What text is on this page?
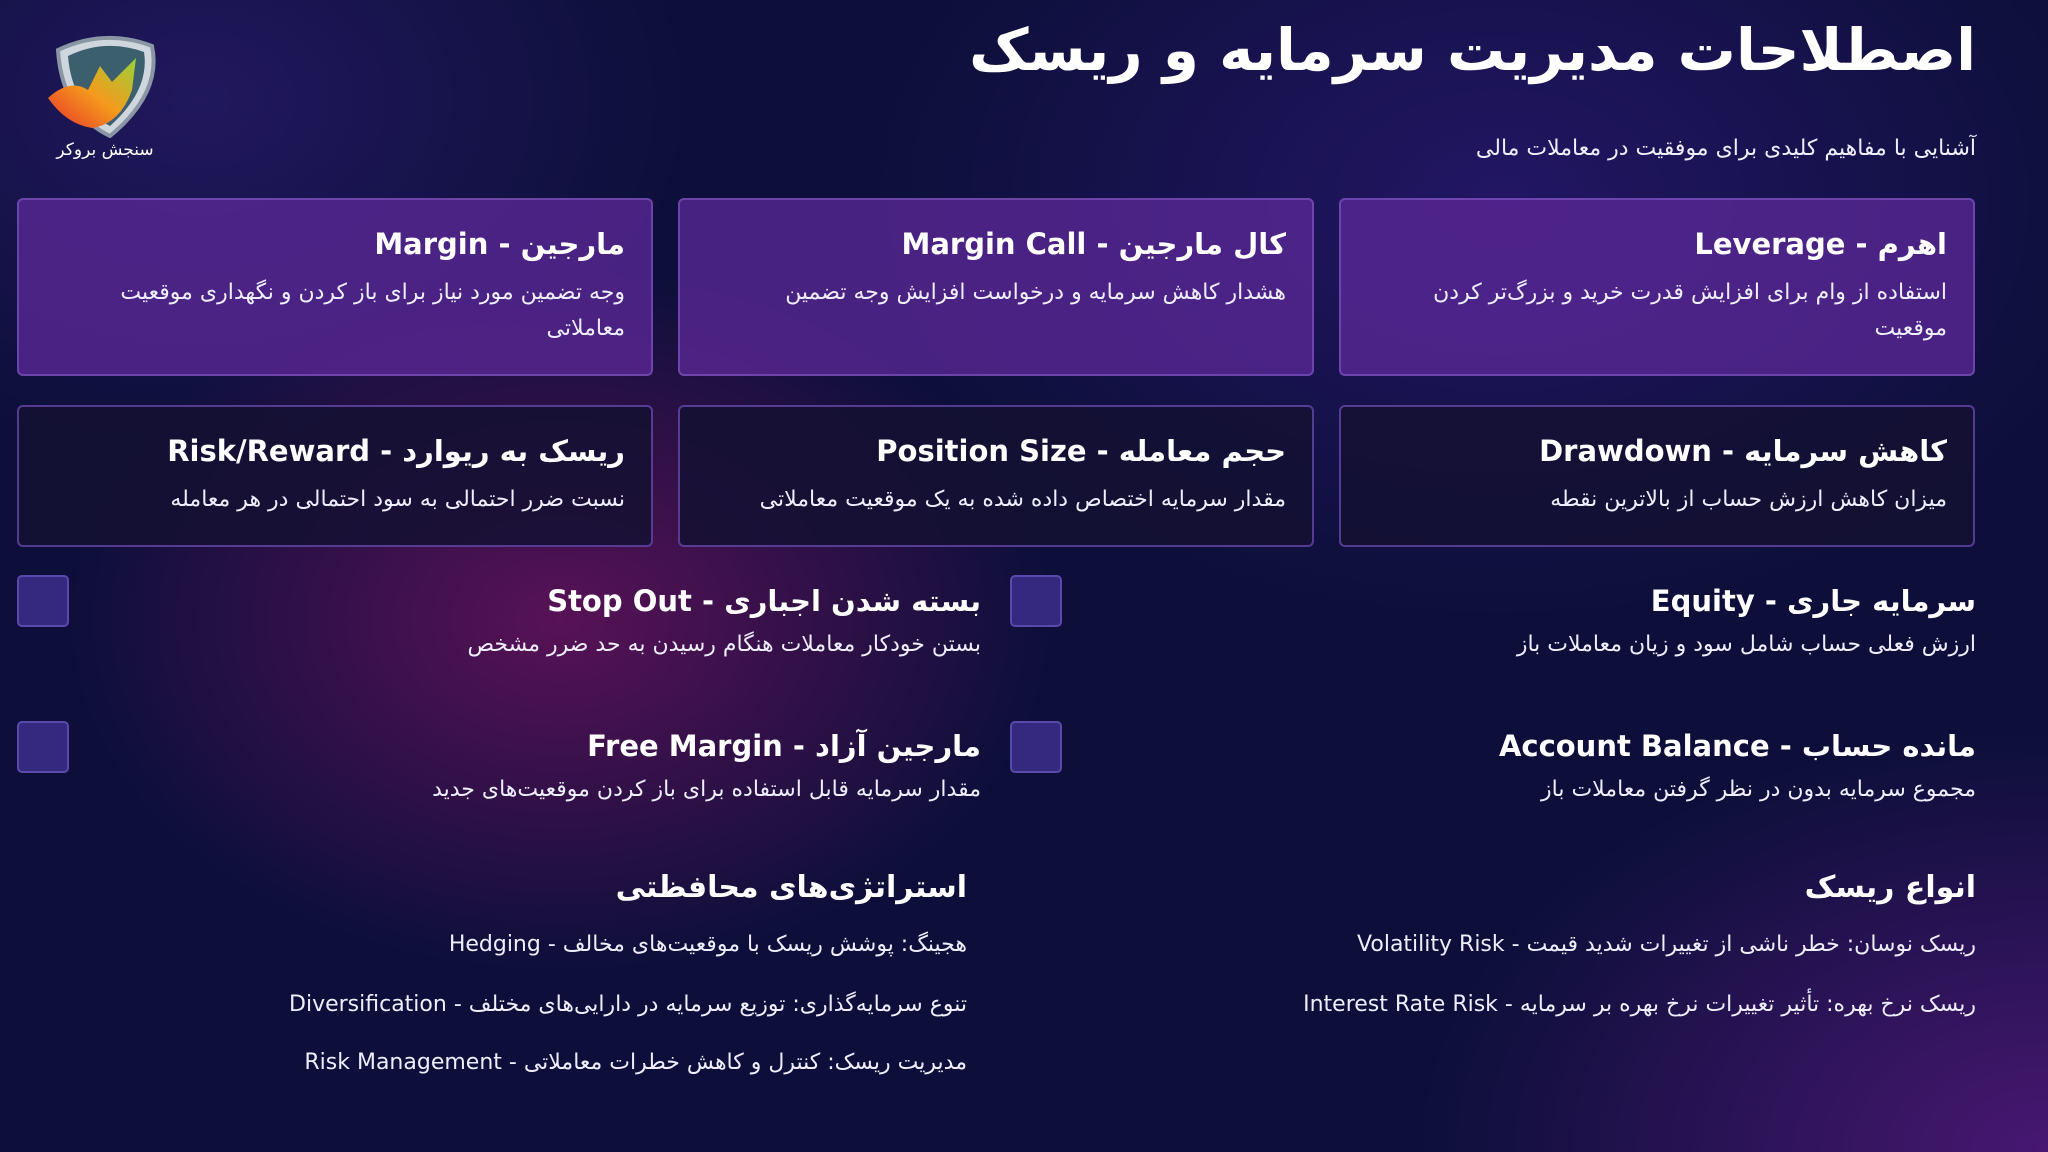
سنجش بروکر
اصطلاحات مدیریت سرمایه و ریسک
آشنایی با مفاهیم کلیدی برای موفقیت در معاملات مالی
اهرم - Leverage

استفاده از وام برای افزایش قدرت خرید و بزرگ‌تر کردن موقعیت

کال مارجین - Margin Call

هشدار کاهش سرمایه و درخواست افزایش وجه تضمین

مارجین - Margin

وجه تضمین مورد نیاز برای باز کردن و نگهداری موقعیت معاملاتی

کاهش سرمایه - Drawdown

میزان کاهش ارزش حساب از بالاترین نقطه

حجم معامله - Position Size

مقدار سرمایه اختصاص داده شده به یک موقعیت معاملاتی

ریسک به ریوارد - Risk/Reward

نسبت ضرر احتمالی به سود احتمالی در هر معامله

سرمایه جاری - Equity

ارزش فعلی حساب شامل سود و زیان معاملات باز

بسته شدن اجباری - Stop Out

بستن خودکار معاملات هنگام رسیدن به حد ضرر مشخص

مانده حساب - Account Balance

مجموع سرمایه بدون در نظر گرفتن معاملات باز

مارجین آزاد - Free Margin

مقدار سرمایه قابل استفاده برای باز کردن موقعیت‌های جدید

انواع ریسک
ریسک نوسان: خطر ناشی از تغییرات شدید قیمت - Volatility Risk
ریسک نرخ بهره: تأثیر تغییرات نرخ بهره بر سرمایه - Interest Rate Risk
استراتژی‌های محافظتی
هجینگ: پوشش ریسک با موقعیت‌های مخالف - Hedging
تنوع سرمایه‌گذاری: توزیع سرمایه در دارایی‌های مختلف - Diversification
مدیریت ریسک: کنترل و کاهش خطرات معاملاتی - Risk Management
